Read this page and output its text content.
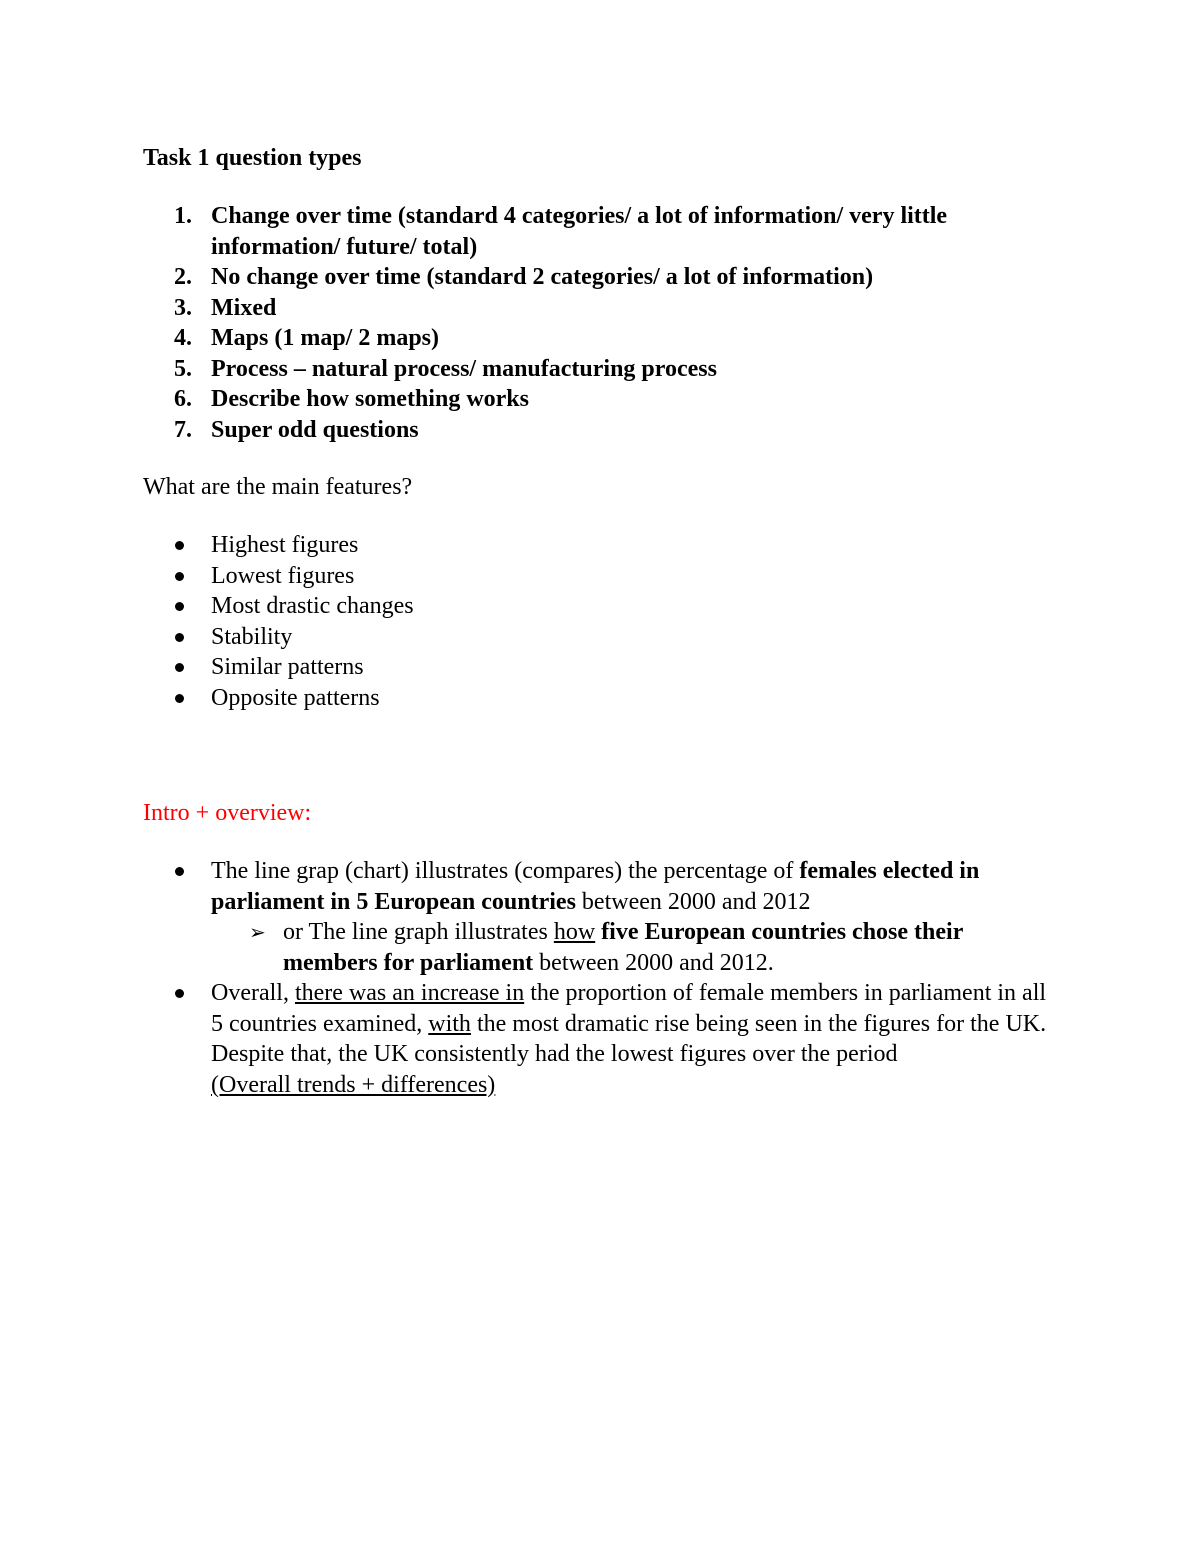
Task 1 question types

1. Change over time (standard 4 categories/ a lot of information/ very little information/ future/ total)
2. No change over time (standard 2 categories/ a lot of information)
3. Mixed
4. Maps (1 map/ 2 maps)
5. Process – natural process/ manufacturing process
6. Describe how something works
7. Super odd questions

What are the main features?

Highest figures
Lowest figures
Most drastic changes
Stability
Similar patterns
Opposite patterns

Intro + overview:

The line grap (chart) illustrates (compares) the percentage of females elected in parliament in 5 European countries between 2000 and 2012
➢ or The line graph illustrates how five European countries chose their members for parliament between 2000 and 2012.
Overall, there was an increase in the proportion of female members in parliament in all 5 countries examined, with the most dramatic rise being seen in the figures for the UK. Despite that, the UK consistently had the lowest figures over the period
(Overall trends + differences)
